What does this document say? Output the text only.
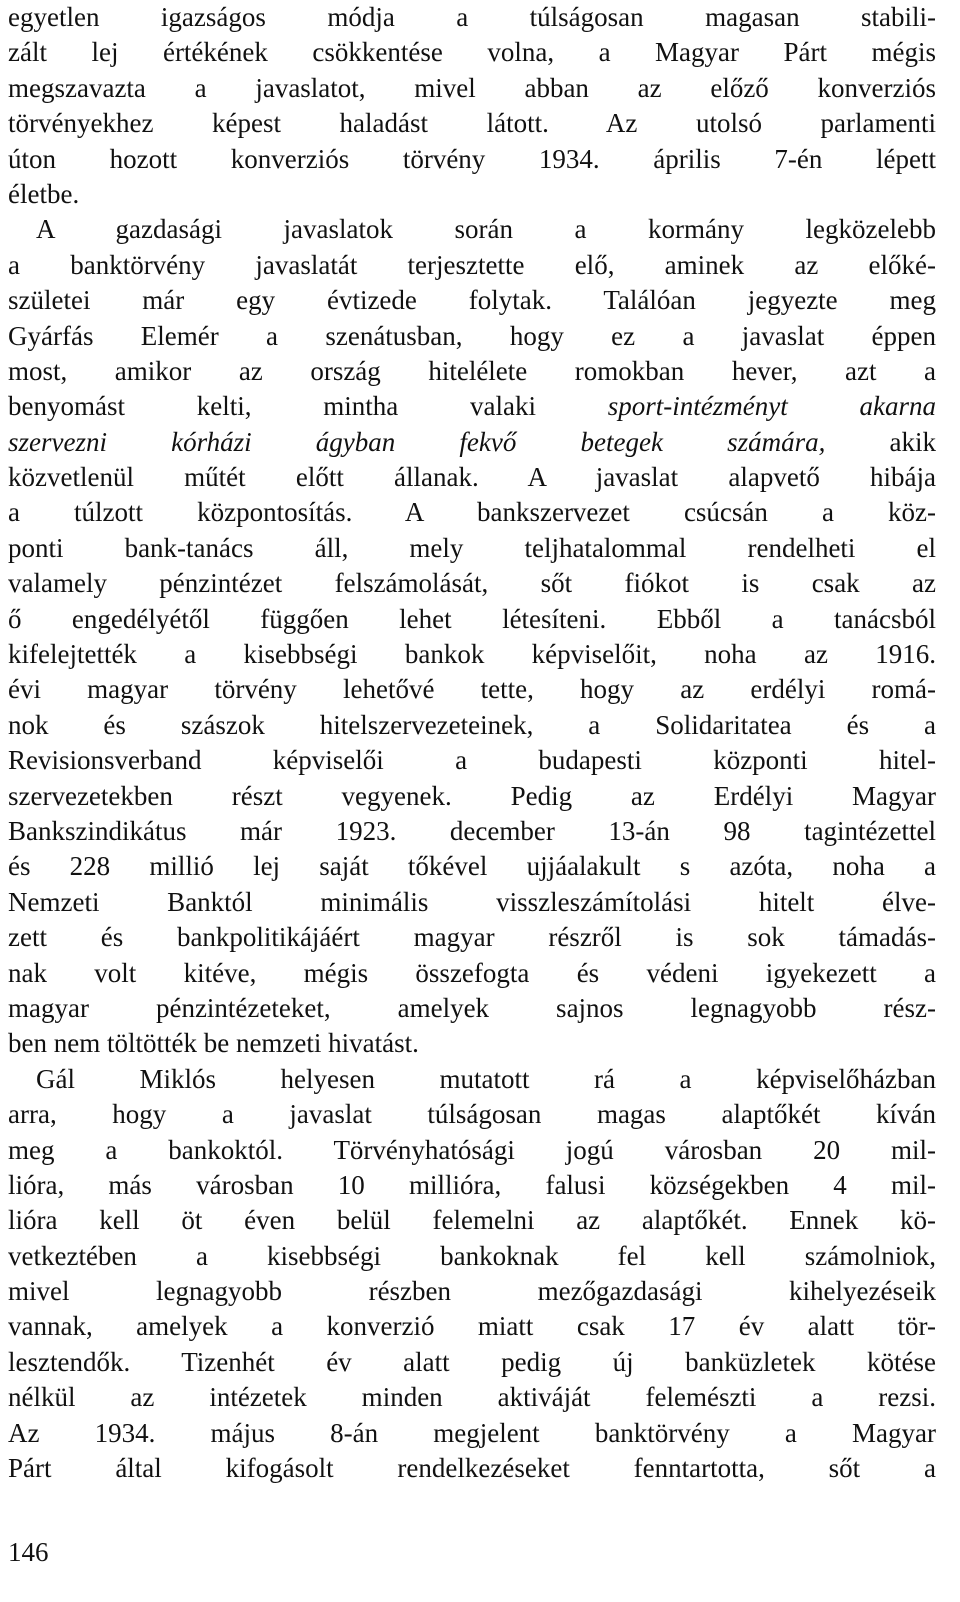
egyetlen igazságos módja a túlságosan magasan stabili-
zált lej értékének csökkentése volna, a Magyar Párt mégis
megszavazta a javaslatot, mivel abban az előző konverziós
törvényekhez képest haladást látott. Az utolsó parlamenti
úton hozott konverziós törvény 1934. április 7-én lépett
életbe.
A gazdasági javaslatok során a kormány legközelebb
a banktörvény javaslatát terjesztette elő, aminek az előké-
születei már egy évtizede folytak. Találóan jegyezte meg
Gyárfás Elemér a szenátusban, hogy ez a javaslat éppen
most, amikor az ország hitelélete romokban hever, azt a
benyomást kelti, mintha valaki sport-intézményt akarna
szervezni kórházi ágyban fekvő betegek számára, akik
közvetlenül műtét előtt állanak. A javaslat alapvető hibája
a túlzott központosítás. A bankszervezet csúcsán a köz-
ponti bank-tanács áll, mely teljhatalommal rendelheti el
valamely pénzintézet felszámolását, sőt fiókot is csak az
ő engedélyétől függően lehet létesíteni. Ebből a tanácsból
kifelejtették a kisebbségi bankok képviselőit, noha az 1916.
évi magyar törvény lehetővé tette, hogy az erdélyi romá-
nok és szászok hitelszervezeteinek, a Solidaritatea és a
Revisionsverband képviselői a budapesti központi hitel-
szervezetekben részt vegyenek. Pedig az Erdélyi Magyar
Bankszindikátus már 1923. december 13-án 98 tagintézettel
és 228 millió lej saját tőkével ujjáalakult s azóta, noha a
Nemzeti Banktól minimális visszleszámítolási hitelt élve-
zett és bankpolitikájáért magyar részről is sok támadás-
nak volt kitéve, mégis összefogta és védeni igyekezett a
magyar pénzintézeteket, amelyek sajnos legnagyobb rész-
ben nem töltötték be nemzeti hivatást.
Gál Miklós helyesen mutatott rá a képviselőházban
arra, hogy a javaslat túlságosan magas alaptőkét kíván
meg a bankoktól. Törvényhatósági jogú városban 20 mil-
lióra, más városban 10 millióra, falusi községekben 4 mil-
lióra kell öt éven belül felemelni az alaptőkét. Ennek kö-
vetkeztében a kisebbségi bankoknak fel kell számolniok,
mivel legnagyobb részben mezőgazdasági kihelyezéseik
vannak, amelyek a konverzió miatt csak 17 év alatt tör-
lesztendők. Tizenhét év alatt pedig új banküzletek kötése
nélkül az intézetek minden aktiváját felemészti a rezsi.
Az 1934. május 8-án megjelent banktörvény a Magyar
Párt által kifogásolt rendelkezéseket fenntartotta, sőt a
146
